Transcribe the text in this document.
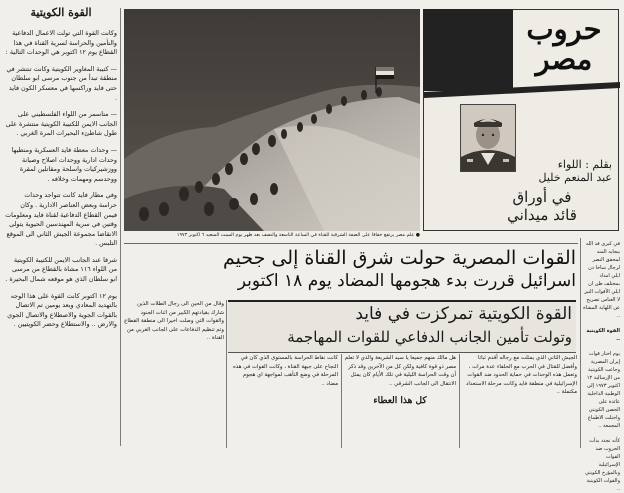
القوة الكويتية

وكانت القوة التي تولت الاعمال الدفاعية والتأمين والحراسة لسرية القناة في هذا القطاع يوم ١٢ اكتوبر هي الوحدات التالية :

— كتيبة المغاوير الكويتية وكانت تنتشر في منطقة تبدأ من جنوب مرسى ابو سلطان حتى فايد وراكسها في معسكر الكون فايد .

— متاسمر من اللواء الفلسطيني على الجانب الايمن للكتيبة الكويتية منتشرة على طول شاطئء البحيرات المرة الغربي .

— وحدات معطة فايد العسكرية ومنطيها وحدات ادارية ووحدات اصلاح وصيانة ووزشيركيات واسلحة ومقاتلين لمقرة ووحدسم ومهمات وخلافه .

وفي مطار فايد كانت تتواجد وحدات حراسة وبعض العناصر الادارية . وكان فيمن القطاع الدفاعية لقناة فايد ومعلومات وقتين في سرية المهندسين الحيوية يتولى الانقاضا مجموعة الجيش الثاني الى الموقع التلبس .

شرقا عند الجانب الايمن للكتيبة الكويتية من اللواء ١١٦ مشاة بالقطاع من مرسى ابو سلطان الذي هو موقعه شمال البحيرة .

يوم ١٢ اكتوبر كانت القوة على هذا الوجه بالتهديد المعادي وبعد يومين تم الاتصال بالقوات الجوية والاصطلاع والاتصال الجوي والارض .. والاستطلاع وحضر الكويتيين .

● علم مصر يرتفع خفاقا على الضفة الشرقية للقناة في الساعة التاسعة والنصف بعد ظهر يوم السبت السعيد ٦ اكتوبر ١٩٧٣
حروب
مصر
بقلم : اللواء
عبد المنعم خليل
في أوراق
قائد ميداني

في كبرى قد الله بيجايه المنه لمحقق النصر لرجال ساخا دن ايلي امداد بمختلف ظن ان ايلي الأقوات التيز لا العباس تصريح عن اللهاية المشاة ..

القوة الكويتية ..

يوم اختار قوات إيران المصرية وجاعت الكويتية من الإرسالية ١٢ اكتوبر ١٩٧٣ إلى الوطنية الداخلية عائدة على الحصن الكويتي واحتلت الاطماع المجمعة ..

كأنه تجدد بدأت الحروب ضد القوات الإسرائيلية وبالمؤرخ الكويتي والقوات الكويتية ..

القوات المصرية حولت شرق القناة إلى جحيم
اسرائيل قررت بدء هجومها المضاد يوم ١٨ اكتوبر
القوة الكويتية تمركزت في فايد
وتولت تأمين الجانب الدفاعي للقوات المهاجمة

وقال من الحين الى رجال الطلات الذين شارك بقيادتهم الكبير من اثنات الجنود والقوات التي وصلت اخيرا الى منطقة القطاع وتم تنظيم الدفاعات على الجانب الغربي من القناة ..

كانت نقاط الحراسة بالمستوى الذي كان في النجاح على جبهة القناة ، وكانت القوات في هذه المرحلة في وضع التأهب لمواجهة اي هجوم مضاد ..

هل مالك منهم جميعا يا سيد الشريعة والذي لا تعلم مصر ذو قوة كافية ولكن كل من الآخرين وقد ذكر أن وقت الحراسة الليلية في تلك الأيام كان يمثل الانتقال الى الجانب الشرقي ..

كل هذا العطاء

الجيش الثاني الذي يمثلت مع رجاله أقدم ثباتا وأفضل للقتال في الحرب مع الحلفاء عدة مرات ، وتعمل هذه الوحدات في حماية الحدود ضد القوات الإسرائيلية في منطقة فايد وكانت مرحلة الاستعداد مكتملة ..
